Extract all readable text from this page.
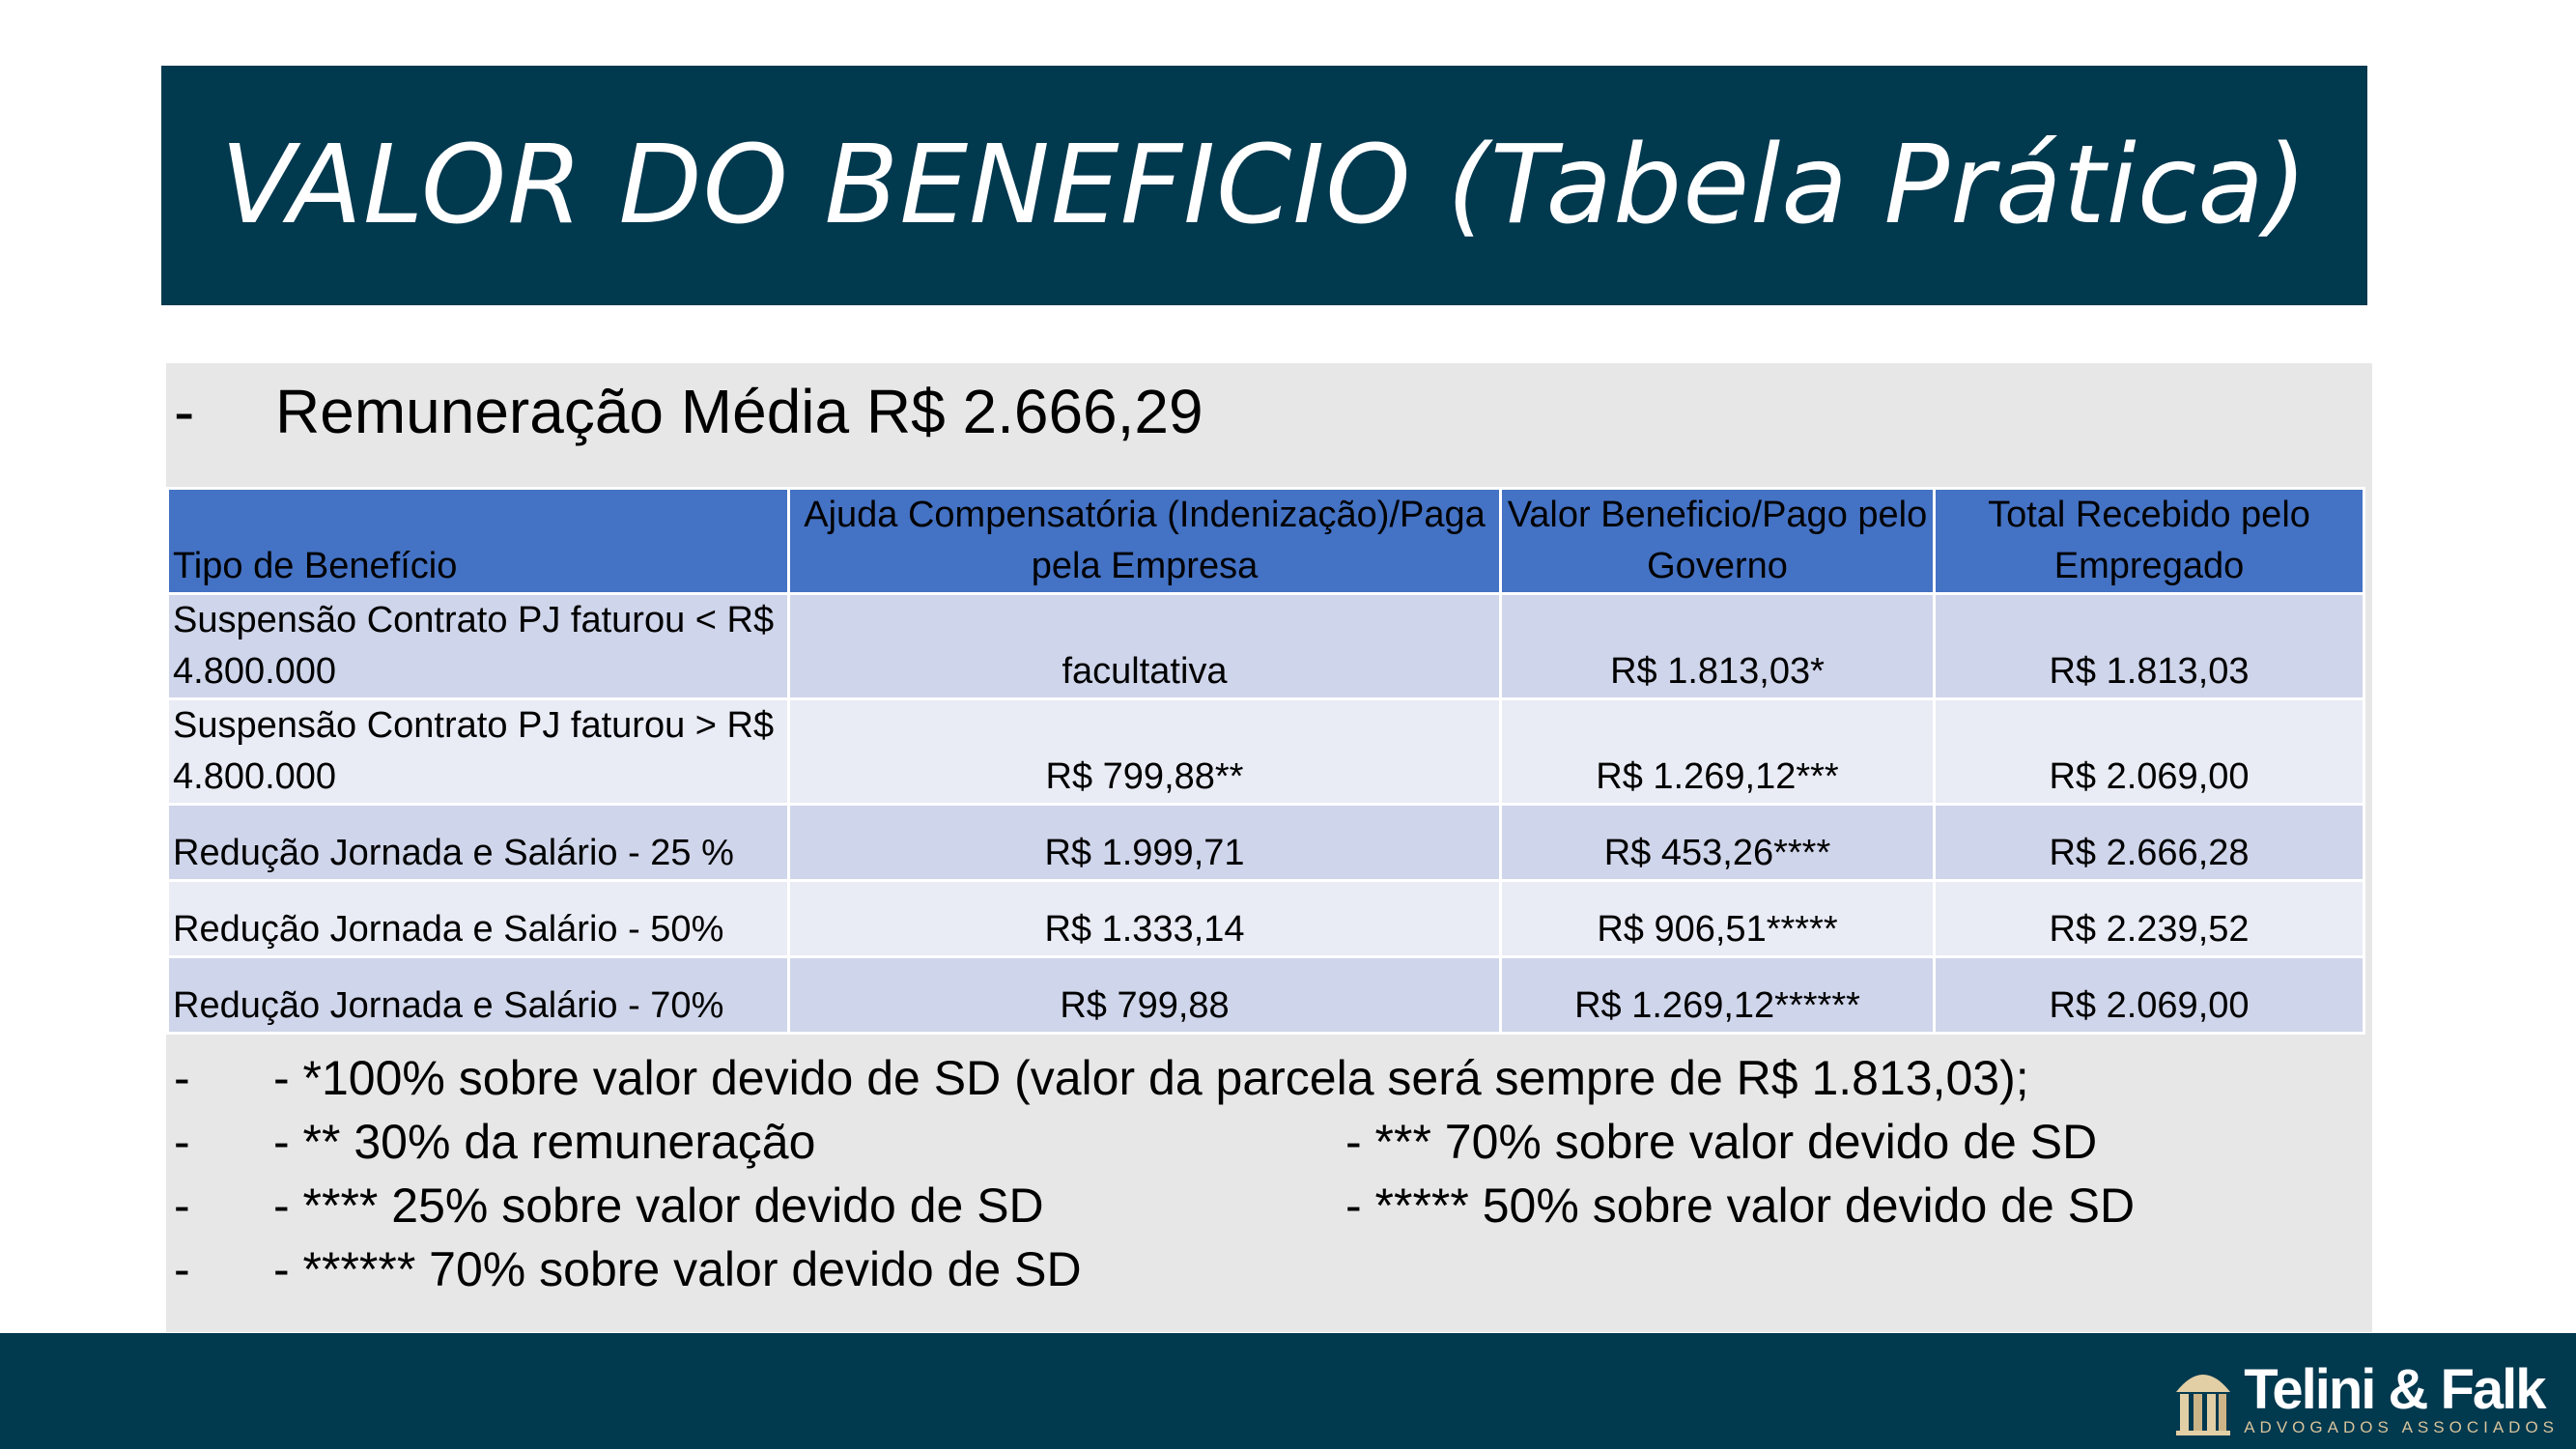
VALOR DO BENEFICIO (Tabela Prática)
-	Remuneração Média R$ 2.666,29
Tipo de Benefício	Ajuda Compensatória (Indenização)/Paga pela Empresa	Valor Beneficio/Pago pelo Governo	Total Recebido pelo Empregado
Suspensão Contrato PJ faturou < R$ 4.800.000	facultativa	R$ 1.813,03*	R$ 1.813,03
Suspensão Contrato PJ faturou > R$ 4.800.000	R$ 799,88**	R$ 1.269,12***	R$ 2.069,00
Redução Jornada e Salário - 25 %	R$ 1.999,71	R$ 453,26****	R$ 2.666,28
Redução Jornada e Salário - 50%	R$ 1.333,14	R$ 906,51*****	R$ 2.239,52
Redução Jornada e Salário - 70%	R$ 799,88	R$ 1.269,12******	R$ 2.069,00
-	- *100% sobre valor devido de SD (valor da parcela será sempre de R$ 1.813,03);
-	- ** 30% da remuneração	- *** 70% sobre valor devido de SD
-	- **** 25% sobre valor devido de SD	- ***** 50% sobre valor devido de SD
-	- ****** 70% sobre valor devido de SD
Telini & Falk
ADVOGADOS ASSOCIADOS
